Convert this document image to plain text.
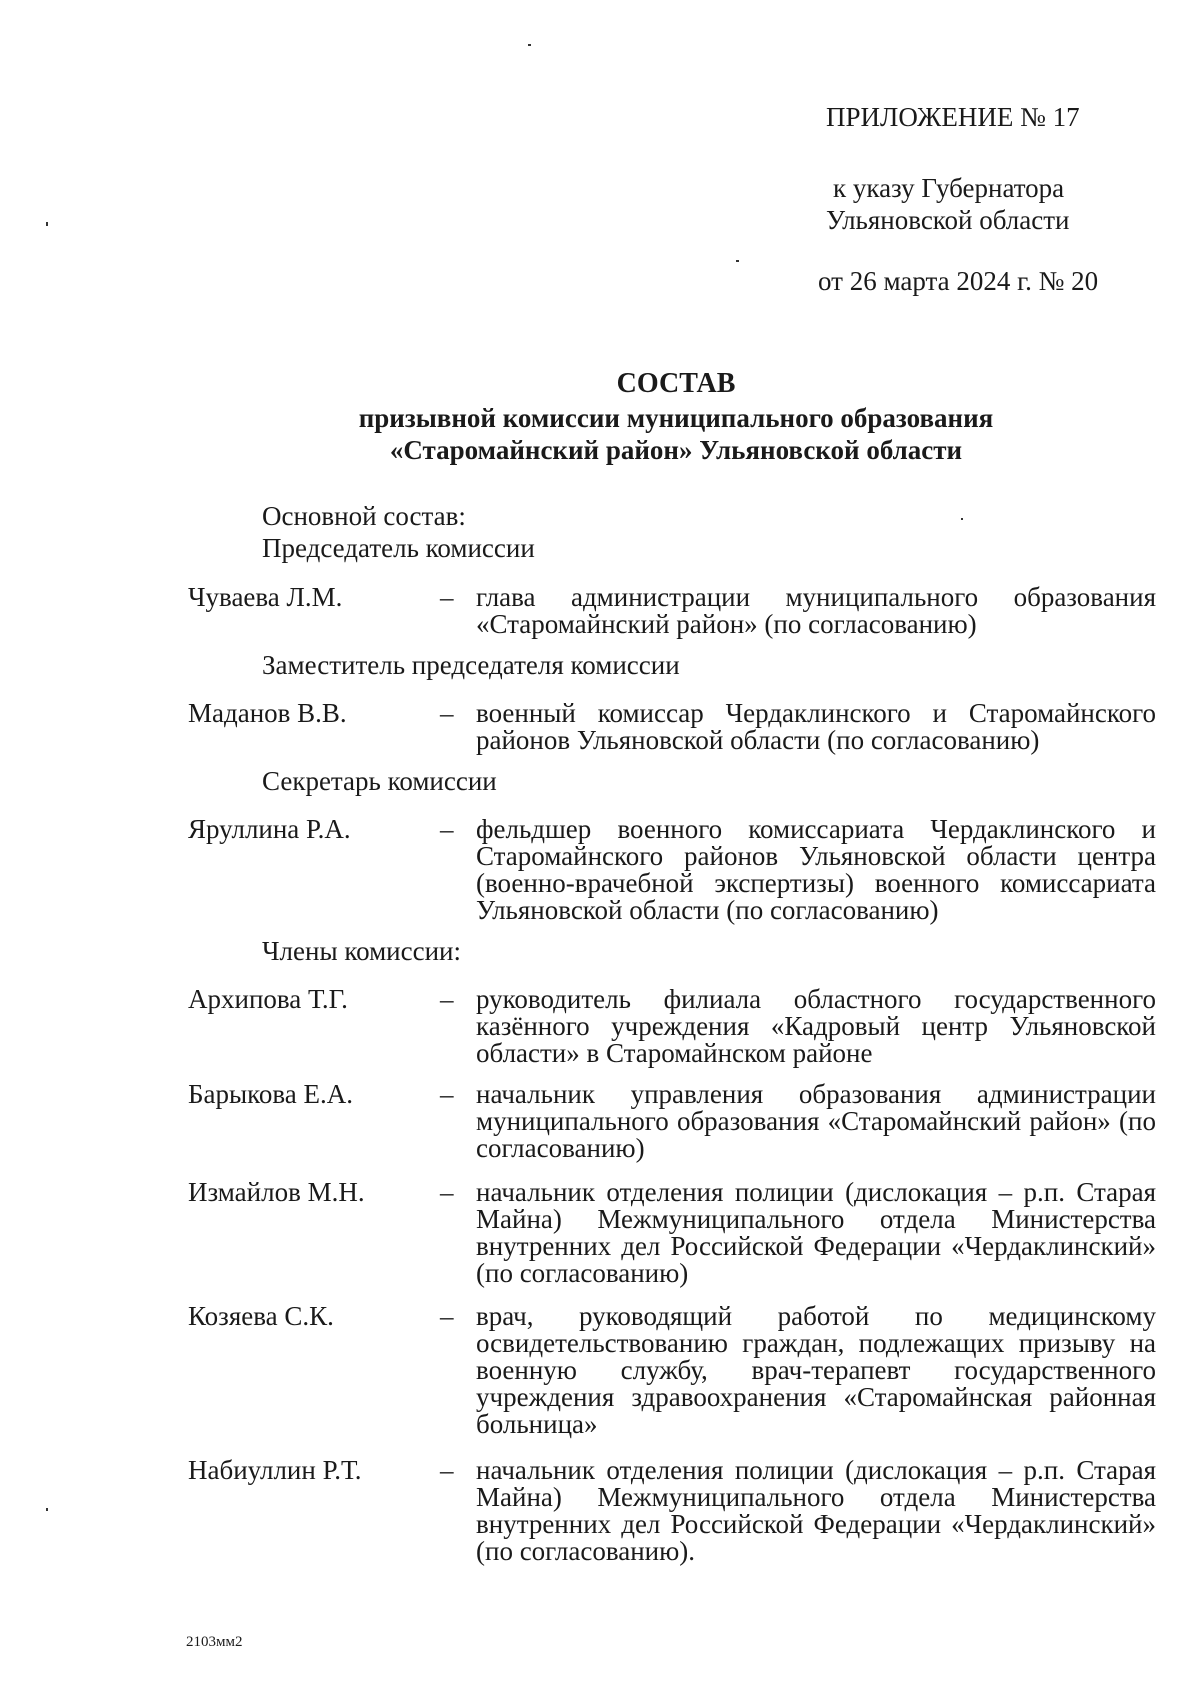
ПРИЛОЖЕНИЕ № 17
к указу Губернатора
Ульяновской области
от 26 марта 2024 г. № 20
СОСТАВ
призывной комиссии муниципального образования
«Старомайнский район» Ульяновской области
Основной состав:
Председатель комиссии
Чуваева Л.М.	– глава администрации муниципального образования «Старомайнский район» (по согласованию)
Заместитель председателя комиссии
Маданов В.В.	– военный комиссар Чердаклинского и Старомайнского районов Ульяновской области (по согласованию)
Секретарь комиссии
Яруллина Р.А.	– фельдшер военного комиссариата Чердаклинского и Старомайнского районов Ульяновской области центра (военно-врачебной экспертизы) военного комиссариата Ульяновской области (по согласованию)
Члены комиссии:
Архипова Т.Г.	– руководитель филиала областного государственного казённого учреждения «Кадровый центр Ульяновской области» в Старомайнском районе
Барыкова Е.А.	– начальник управления образования администрации муниципального образования «Старомайнский район» (по согласованию)
Измайлов М.Н.	– начальник отделения полиции (дислокация – р.п. Старая Майна) Межмуниципального отдела Министерства внутренних дел Российской Федерации «Чердаклинский» (по согласованию)
Козяева С.К.	– врач, руководящий работой по медицинскому освидетельствованию граждан, подлежащих призыву на военную службу, врач-терапевт государственного учреждения здравоохранения «Старомайнская районная больница»
Набиуллин Р.Т.	– начальник отделения полиции (дислокация – р.п. Старая Майна) Межмуниципального отдела Министерства внутренних дел Российской Федерации «Чердаклинский» (по согласованию).
2103мм2
